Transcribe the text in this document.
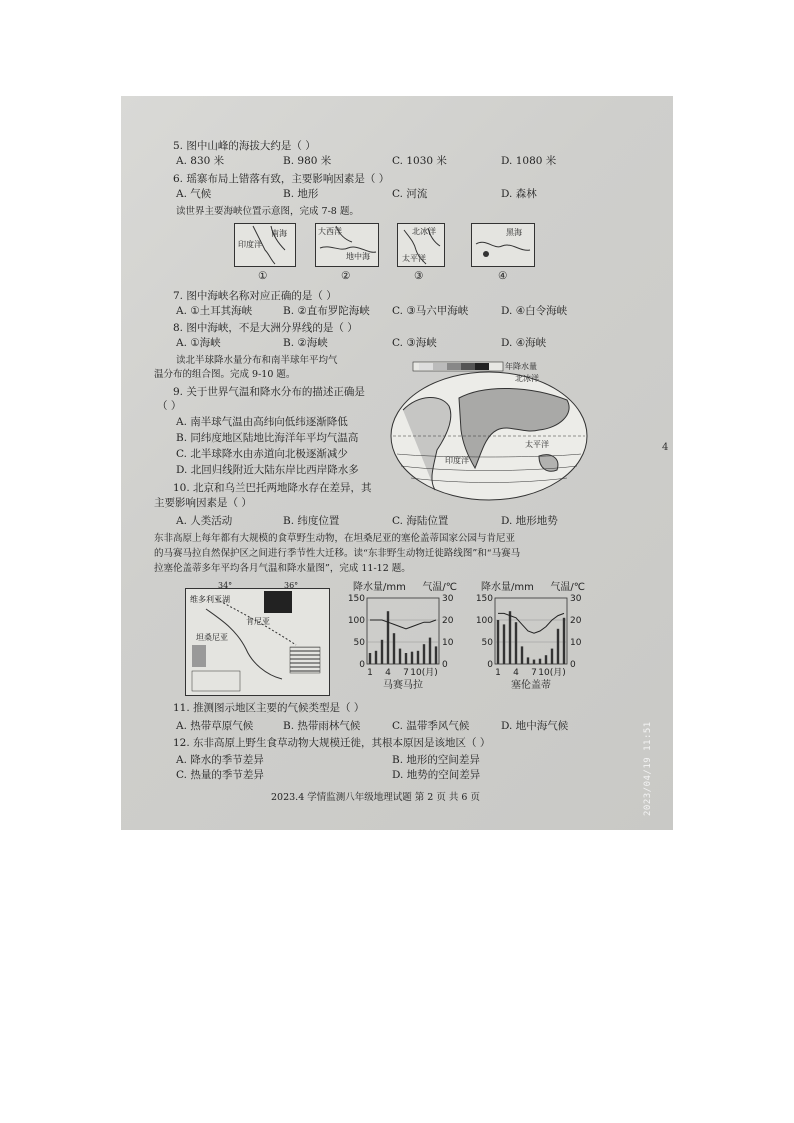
5. 图中山峰的海拔大约是（ ）
A. 830 米	B. 980 米	C. 1030 米	D. 1080 米
6. 瑶寨布局上错落有致，主要影响因素是（ ）
A. 气候	B. 地形	C. 河流	D. 森林
读世界主要海峡位置示意图，完成 7-8 题。
南海
印度洋
大西洋
地中海
北冰洋
太平洋
黑海
①	②	③	④
7. 图中海峡名称对应正确的是（ ）
A. ①土耳其海峡	B. ②直布罗陀海峡 C. ③马六甲海峡	D. ④白令海峡
8. 图中海峡，不是大洲分界线的是（ ）
A. ①海峡	B. ②海峡	C. ③海峡	D. ④海峡
读北半球降水量分布和南半球年平均气
温分布的组合图。完成 9-10 题。
9. 关于世界气温和降水分布的描述正确是
（ ）
A. 南半球气温由高纬向低纬逐渐降低
B. 同纬度地区陆地比海洋年平均气温高
C. 北半球降水由赤道向北极逐渐减少
D. 北回归线附近大陆东岸比西岸降水多
年降水量
北冰洋
太平洋
印度洋
10. 北京和乌兰巴托两地降水存在差异，其
主要影响因素是（ ）
A. 人类活动	B. 纬度位置	C. 海陆位置	D. 地形地势
东非高原上每年都有大规模的食草野生动物，在坦桑尼亚的塞伦盖蒂国家公园与肯尼亚
的马赛马拉自然保护区之间进行季节性大迁移。读“东非野生动物迁徙路线图”和“马赛马
拉塞伦盖蒂多年平均各月气温和降水量图”，完成 11-12 题。
维多利亚湖
肯尼亚
坦桑尼亚
34°	36°	降水量/mm 气温/℃
150
100
50
0
30
20
10
0
1 4 7 10(月)
马赛马拉
降水量/mm 气温/℃
150
100
50
0
30
20
10
0
1 4 7 10(月)
塞伦盖蒂
11. 推测图示地区主要的气候类型是（ ）
A. 热带草原气候	B. 热带雨林气候	C. 温带季风气候	D. 地中海气候
12. 东非高原上野生食草动物大规模迁徙，其根本原因是该地区（ ）
A. 降水的季节差异	B. 地形的空间差异
C. 热量的季节差异	D. 地势的空间差异
2023.4 学情监测八年级地理试题 第 2 页 共 6 页	2023/04/19 11:51
4
